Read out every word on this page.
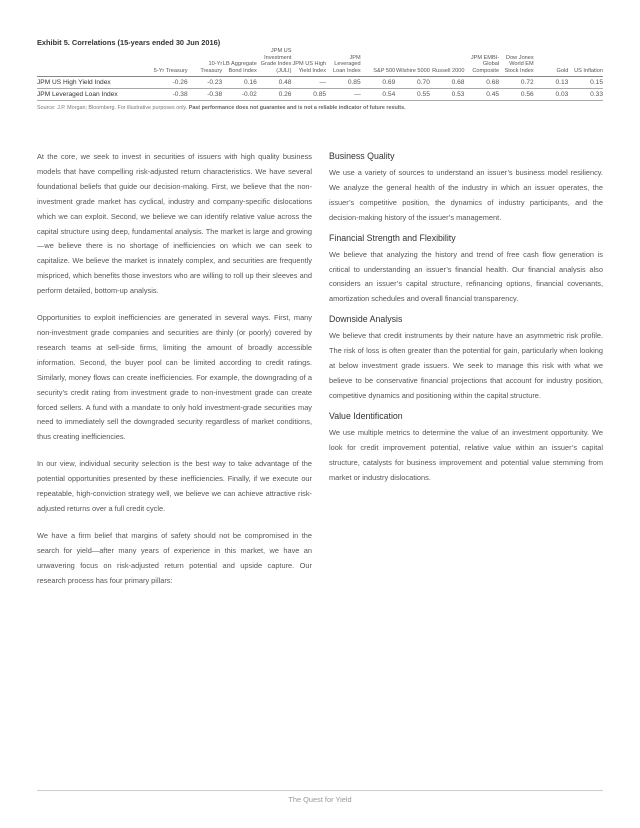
Exhibit 5. Correlations (15-years ended 30 Jun 2016)
	5-Yr Treasury	10-Yr Treasury	LB Aggregate Bond Index	JPM US Investment Grade Index (JULI)	JPM US High Yield Index	JPM Leveraged Loan Index	S&P 500	Wilshire 5000	Russell 2000	JPM EMBI-Global Composite	Dow Jones World EM Stock Index	Gold	US Inflation
JPM US High Yield Index	-0.26	-0.23	0.16	0.48	—	0.85	0.69	0.70	0.68	0.68	0.72	0.13	0.15
JPM Leveraged Loan Index	-0.38	-0.38	-0.02	0.26	0.85	—	0.54	0.55	0.53	0.45	0.56	0.03	0.33
Source: J.P. Morgan; Bloomberg. For illustrative purposes only. Past performance does not guarantee and is not a reliable indicator of future results.

At the core, we seek to invest in securities of issuers with high quality business models that have compelling risk-adjusted return characteristics. We have several foundational beliefs that guide our decision-making. First, we believe that the non-investment grade market has cyclical, industry and company-specific dislocations which we can exploit. Second, we believe we can identify relative value across the capital structure using deep, fundamental analysis. The market is large and growing—we believe there is no shortage of inefficiencies on which we can seek to capitalize. We believe the market is innately complex, and securities are frequently mispriced, which benefits those investors who are willing to roll up their sleeves and perform detailed, bottom-up analysis.

Opportunities to exploit inefficiencies are generated in several ways. First, many non-investment grade companies and securities are thinly (or poorly) covered by research teams at sell-side firms, limiting the amount of broadly accessible information. Second, the buyer pool can be limited according to credit ratings. Similarly, money flows can create inefficiencies. For example, the downgrading of a security’s credit rating from investment grade to non-investment grade can create forced sellers. A fund with a mandate to only hold investment-grade securities may need to immediately sell the downgraded security regardless of market conditions, thus creating inefficiencies.

In our view, individual security selection is the best way to take advantage of the potential opportunities presented by these inefficiencies. Finally, if we execute our repeatable, high-conviction strategy well, we believe we can achieve attractive risk-adjusted returns over a full credit cycle.

We have a firm belief that margins of safety should not be compromised in the search for yield—after many years of experience in this market, we have an unwavering focus on risk-adjusted return potential and upside capture. Our research process has four primary pillars:

Business Quality

We use a variety of sources to understand an issuer’s business model resiliency. We analyze the general health of the industry in which an issuer operates, the issuer’s competitive position, the dynamics of industry participants, and the decision-making history of the issuer’s management.

Financial Strength and Flexibility

We believe that analyzing the history and trend of free cash flow generation is critical to understanding an issuer’s financial health. Our financial analysis also considers an issuer’s capital structure, refinancing options, financial covenants, amortization schedules and overall financial transparency.

Downside Analysis

We believe that credit instruments by their nature have an asymmetric risk profile. The risk of loss is often greater than the potential for gain, particularly when looking at below investment grade issuers. We seek to manage this risk with what we believe to be conservative financial projections that account for industry position, competitive dynamics and positioning within the capital structure.

Value Identification

We use multiple metrics to determine the value of an investment opportunity. We look for credit improvement potential, relative value within an issuer’s capital structure, catalysts for business improvement and potential value stemming from market or industry dislocations.

The Quest for Yield
